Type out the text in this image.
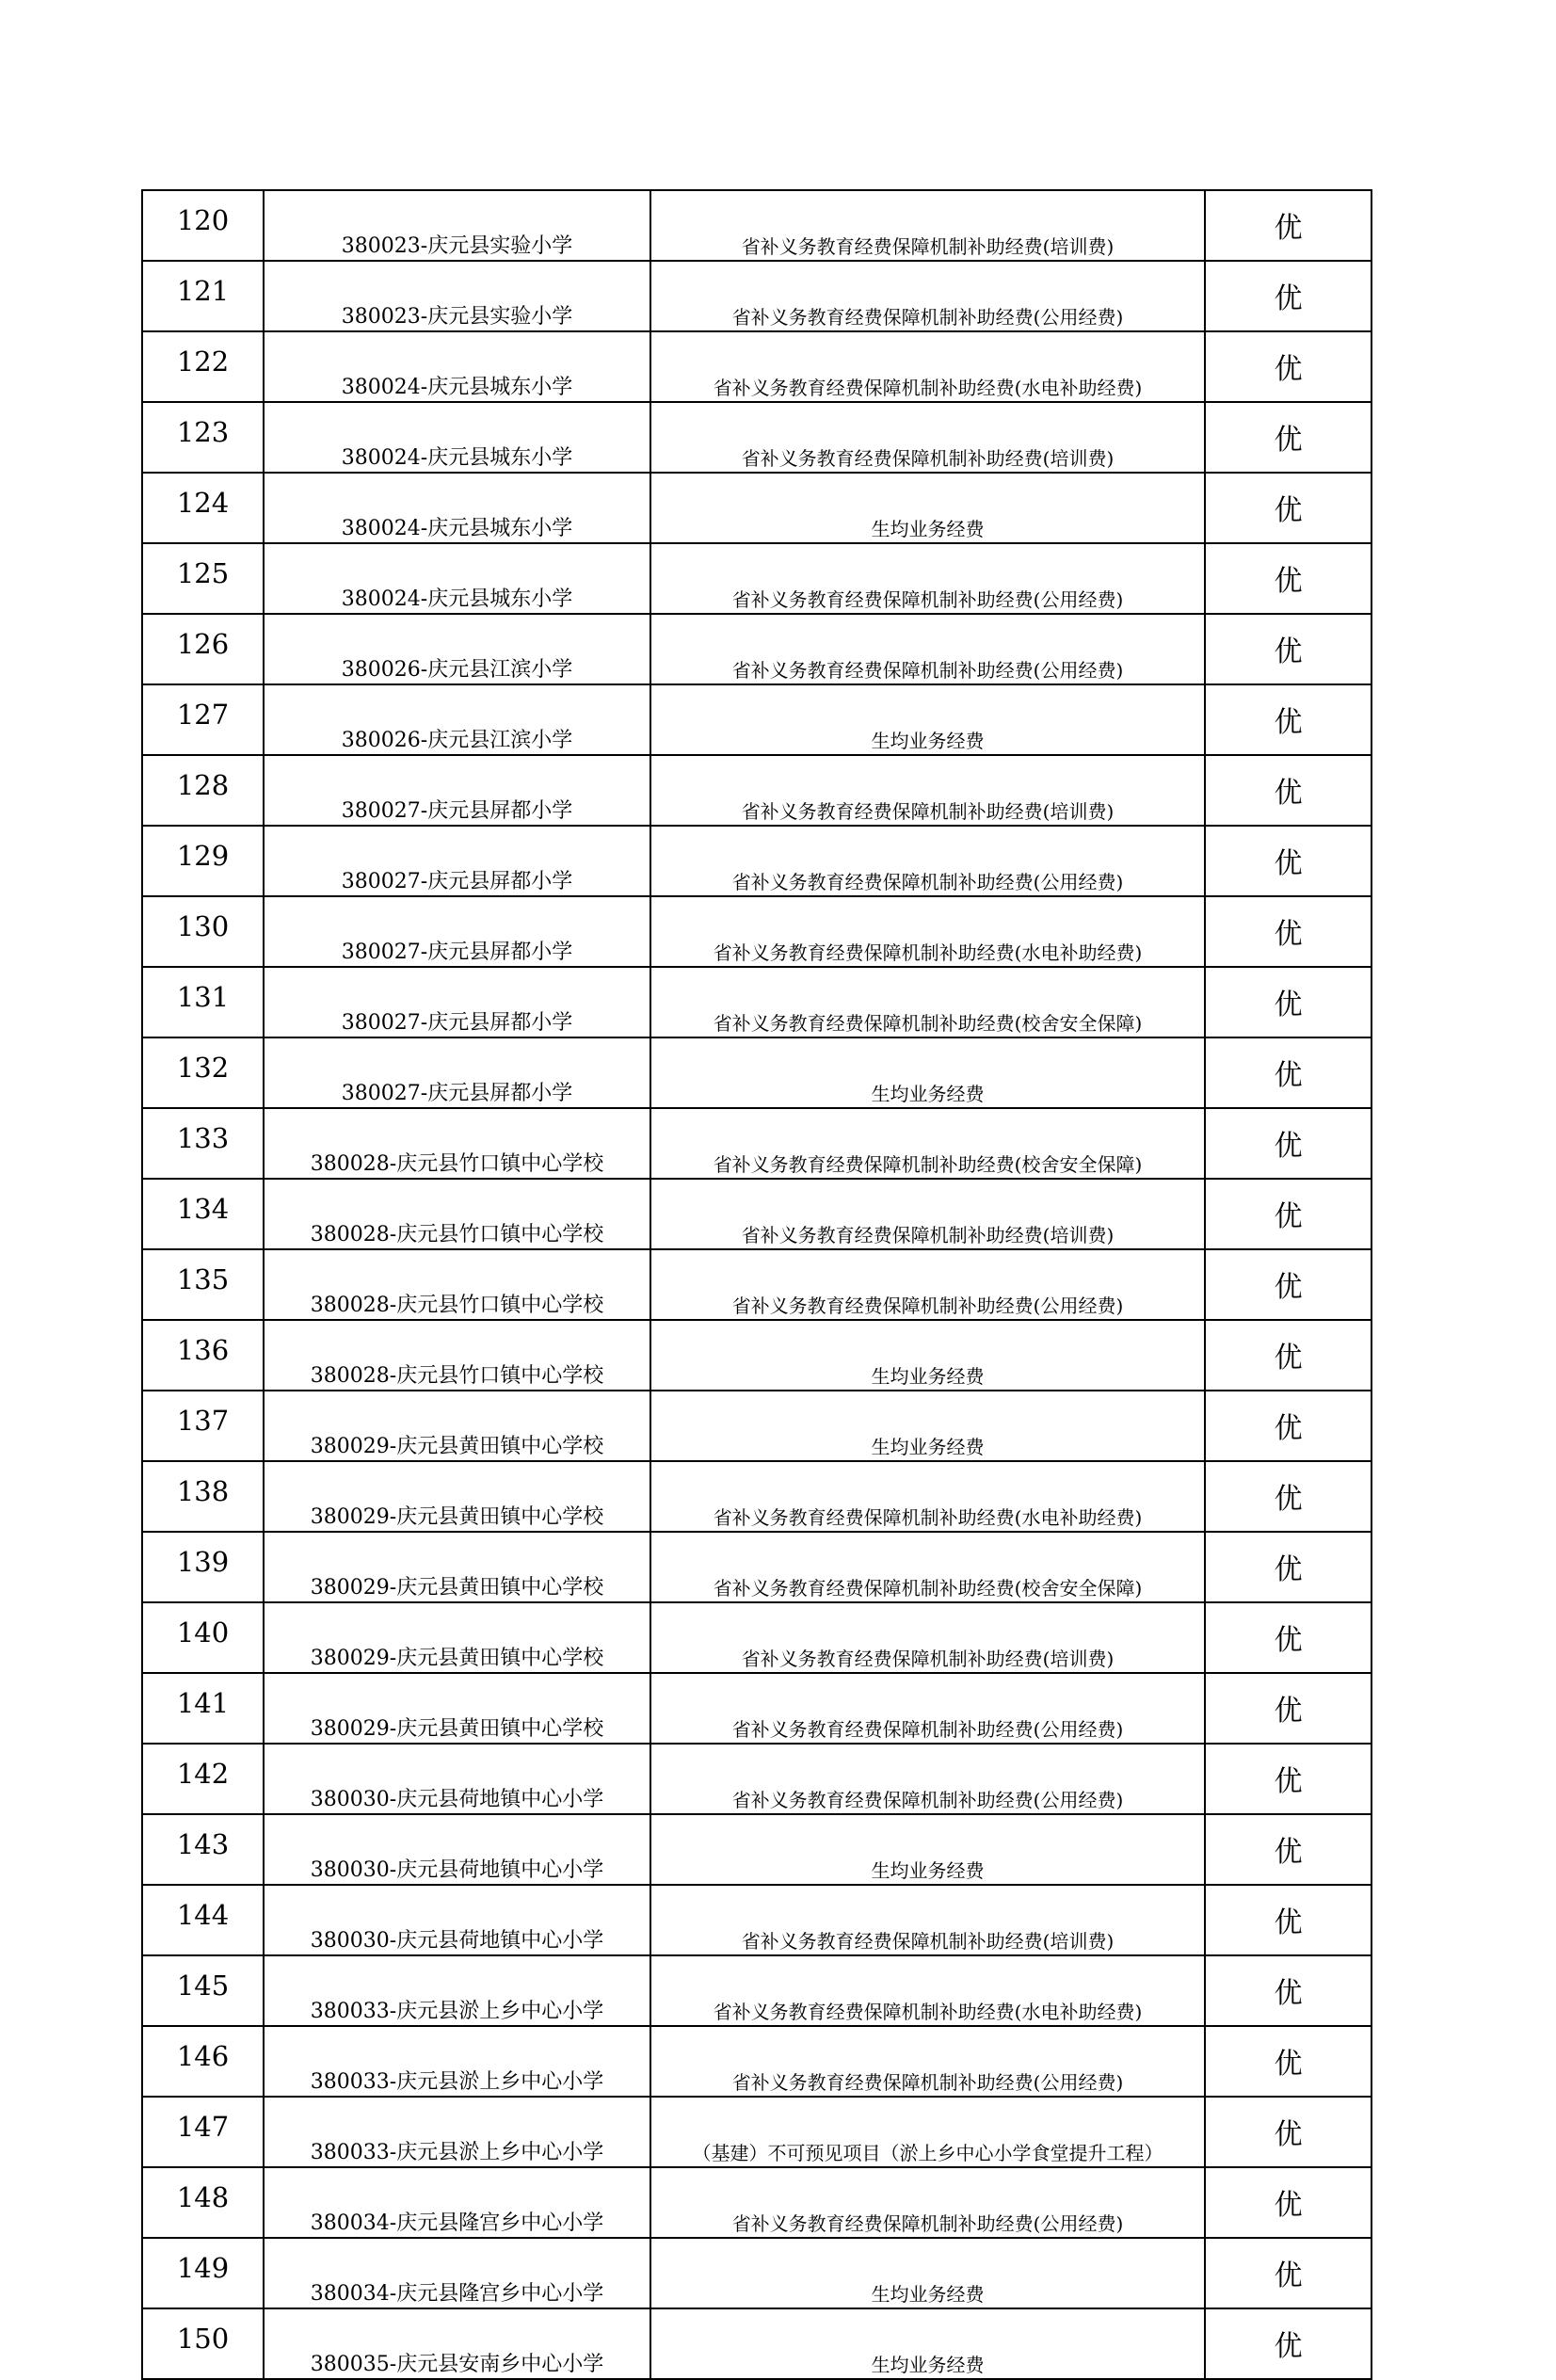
120	380023-庆元县实验小学	省补义务教育经费保障机制补助经费(培训费)	优
121	380023-庆元县实验小学	省补义务教育经费保障机制补助经费(公用经费)	优
122	380024-庆元县城东小学	省补义务教育经费保障机制补助经费(水电补助经费)	优
123	380024-庆元县城东小学	省补义务教育经费保障机制补助经费(培训费)	优
124	380024-庆元县城东小学	生均业务经费	优
125	380024-庆元县城东小学	省补义务教育经费保障机制补助经费(公用经费)	优
126	380026-庆元县江滨小学	省补义务教育经费保障机制补助经费(公用经费)	优
127	380026-庆元县江滨小学	生均业务经费	优
128	380027-庆元县屏都小学	省补义务教育经费保障机制补助经费(培训费)	优
129	380027-庆元县屏都小学	省补义务教育经费保障机制补助经费(公用经费)	优
130	380027-庆元县屏都小学	省补义务教育经费保障机制补助经费(水电补助经费)	优
131	380027-庆元县屏都小学	省补义务教育经费保障机制补助经费(校舍安全保障)	优
132	380027-庆元县屏都小学	生均业务经费	优
133	380028-庆元县竹口镇中心学校	省补义务教育经费保障机制补助经费(校舍安全保障)	优
134	380028-庆元县竹口镇中心学校	省补义务教育经费保障机制补助经费(培训费)	优
135	380028-庆元县竹口镇中心学校	省补义务教育经费保障机制补助经费(公用经费)	优
136	380028-庆元县竹口镇中心学校	生均业务经费	优
137	380029-庆元县黄田镇中心学校	生均业务经费	优
138	380029-庆元县黄田镇中心学校	省补义务教育经费保障机制补助经费(水电补助经费)	优
139	380029-庆元县黄田镇中心学校	省补义务教育经费保障机制补助经费(校舍安全保障)	优
140	380029-庆元县黄田镇中心学校	省补义务教育经费保障机制补助经费(培训费)	优
141	380029-庆元县黄田镇中心学校	省补义务教育经费保障机制补助经费(公用经费)	优
142	380030-庆元县荷地镇中心小学	省补义务教育经费保障机制补助经费(公用经费)	优
143	380030-庆元县荷地镇中心小学	生均业务经费	优
144	380030-庆元县荷地镇中心小学	省补义务教育经费保障机制补助经费(培训费)	优
145	380033-庆元县淤上乡中心小学	省补义务教育经费保障机制补助经费(水电补助经费)	优
146	380033-庆元县淤上乡中心小学	省补义务教育经费保障机制补助经费(公用经费)	优
147	380033-庆元县淤上乡中心小学	（基建）不可预见项目（淤上乡中心小学食堂提升工程）	优
148	380034-庆元县隆宫乡中心小学	省补义务教育经费保障机制补助经费(公用经费)	优
149	380034-庆元县隆宫乡中心小学	生均业务经费	优
150	380035-庆元县安南乡中心小学	生均业务经费	优
